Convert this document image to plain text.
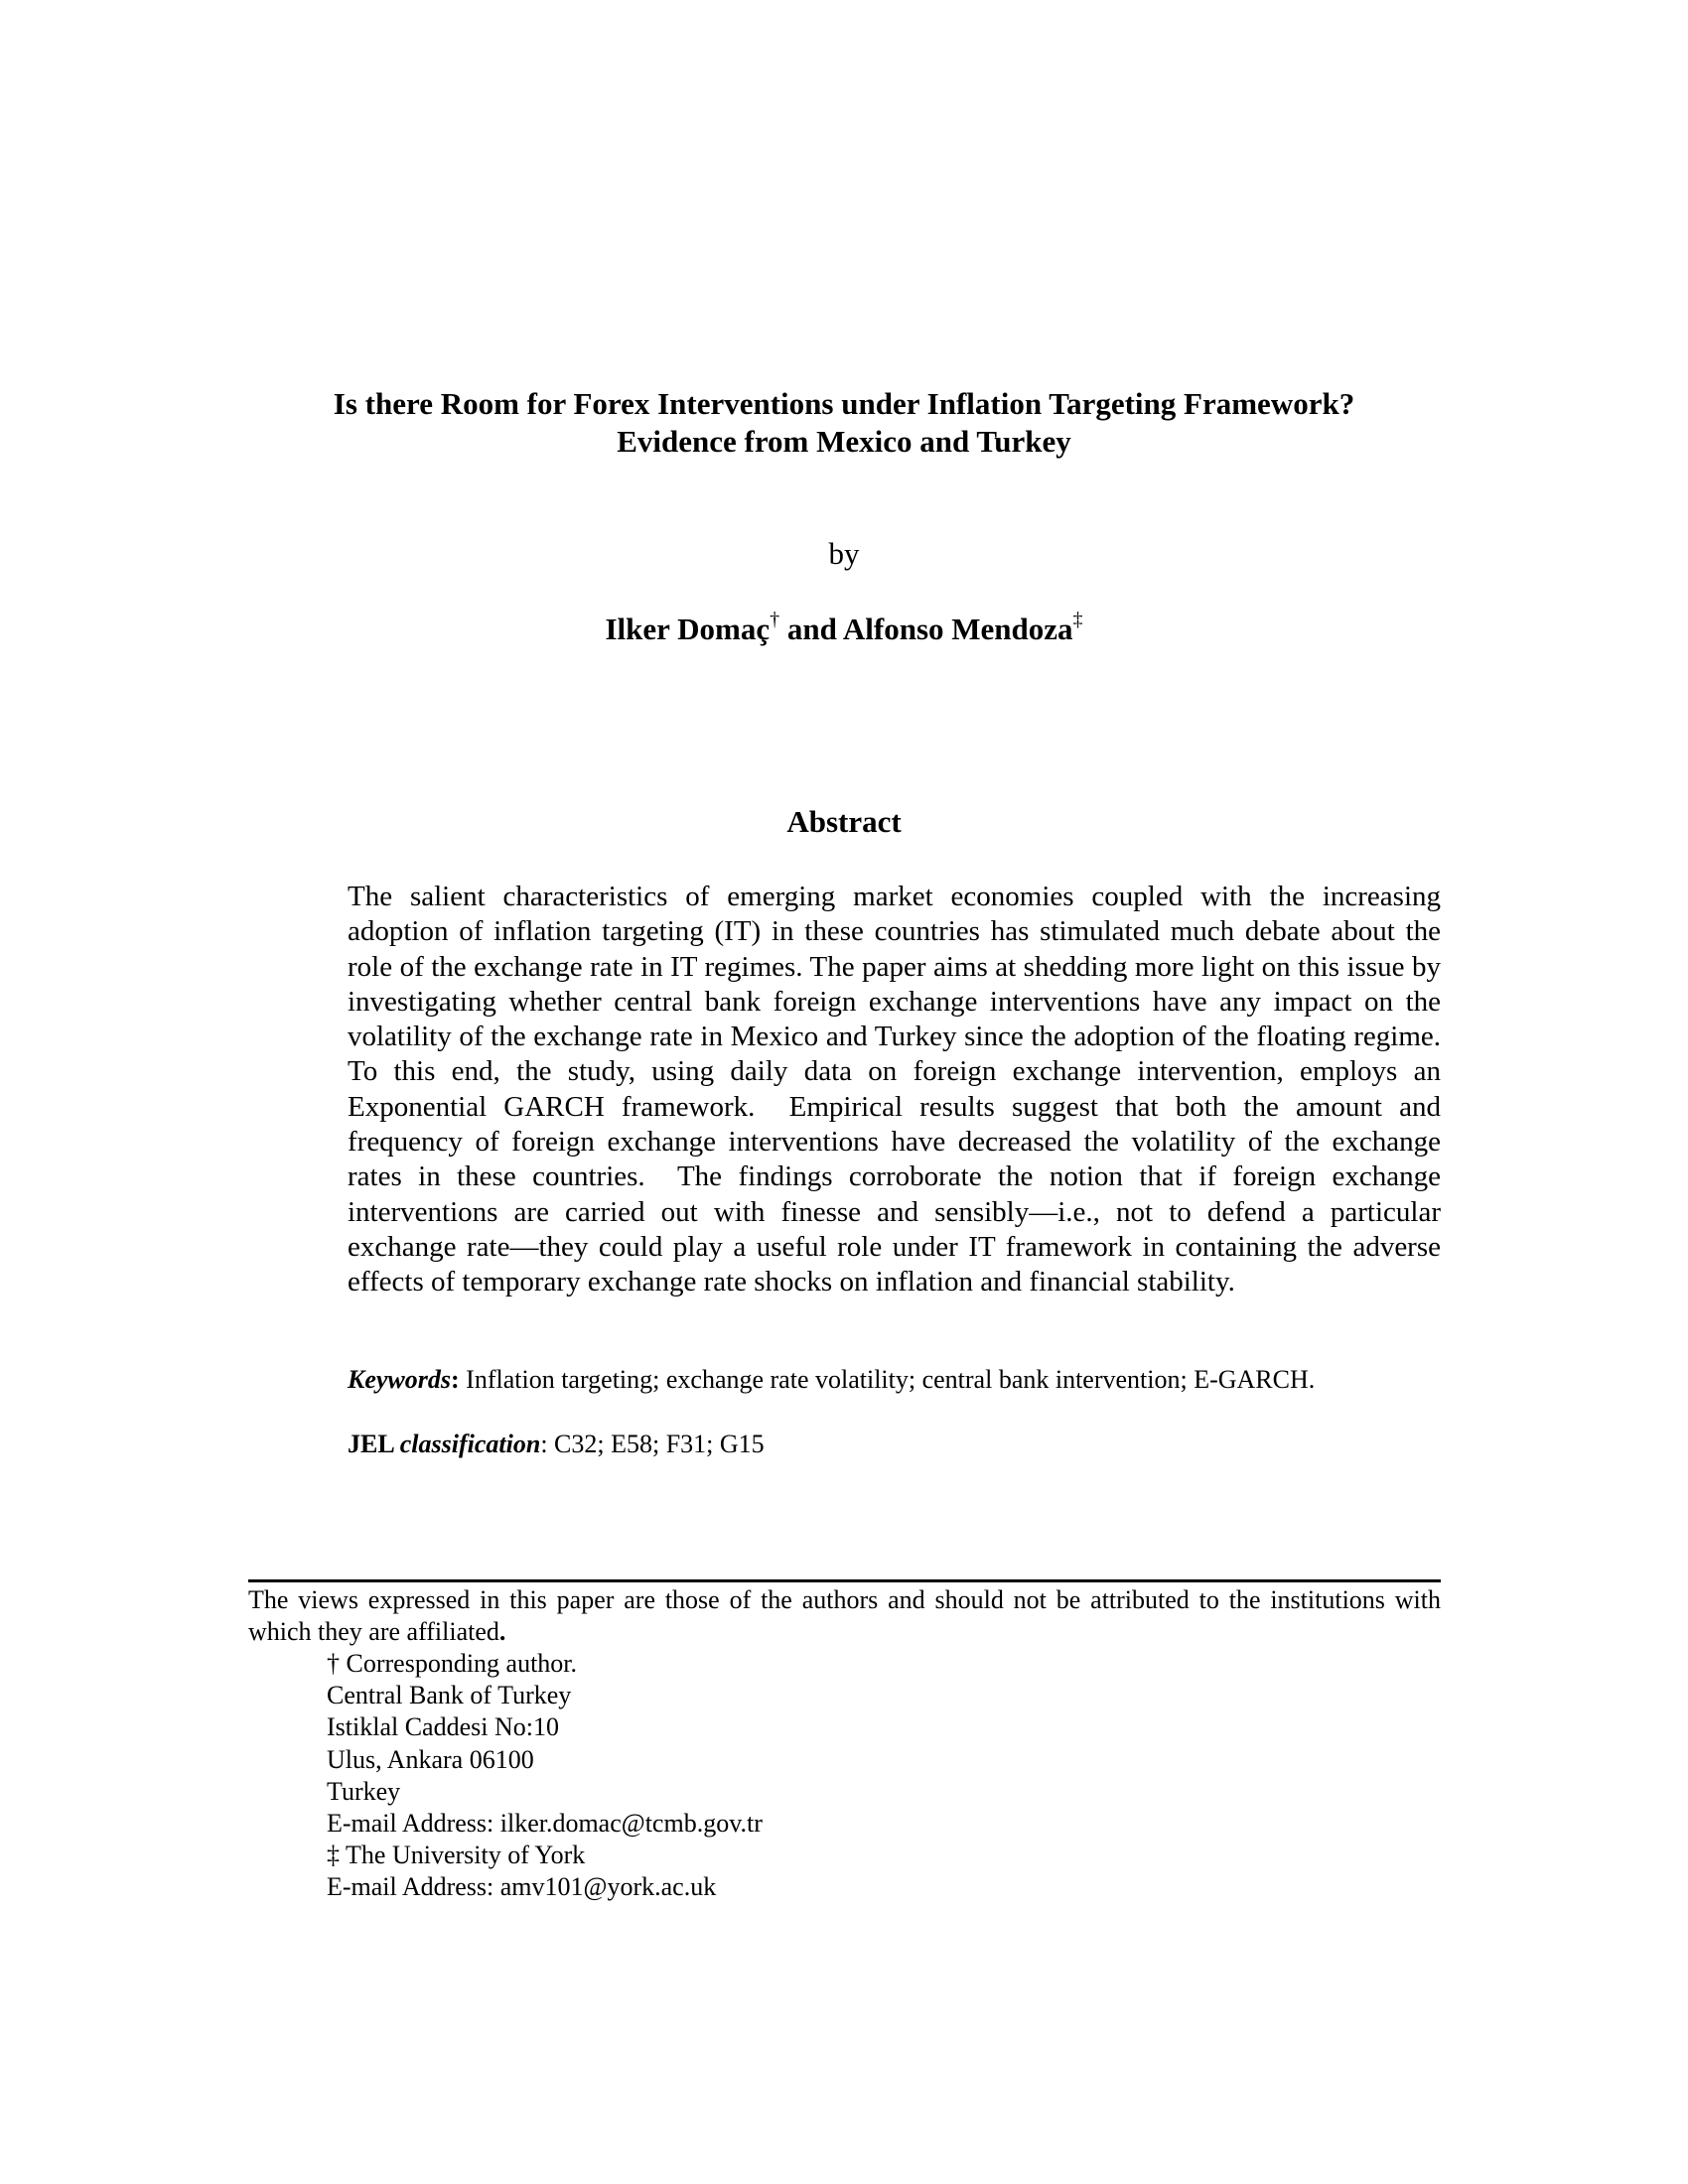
Is there Room for Forex Interventions under Inflation Targeting Framework?
Evidence from Mexico and Turkey
by
Ilker Domaç† and Alfonso Mendoza‡
Abstract
The salient characteristics of emerging market economies coupled with the increasing adoption of inflation targeting (IT) in these countries has stimulated much debate about the role of the exchange rate in IT regimes. The paper aims at shedding more light on this issue by investigating whether central bank foreign exchange interventions have any impact on the volatility of the exchange rate in Mexico and Turkey since the adoption of the floating regime.  To this end, the study, using daily data on foreign exchange intervention, employs an Exponential GARCH framework.  Empirical results suggest that both the amount and frequency of foreign exchange interventions have decreased the volatility of the exchange rates in these countries.  The findings corroborate the notion that if foreign exchange interventions are carried out with finesse and sensibly—i.e., not to defend a particular exchange rate—they could play a useful role under IT framework in containing the adverse effects of temporary exchange rate shocks on inflation and financial stability.
Keywords: Inflation targeting; exchange rate volatility; central bank intervention; E-GARCH.
JEL classification: C32; E58; F31; G15
The views expressed in this paper are those of the authors and should not be attributed to the institutions with which they are affiliated.
† Corresponding author.
Central Bank of Turkey
Istiklal Caddesi No:10
Ulus, Ankara 06100
Turkey
E-mail Address: ilker.domac@tcmb.gov.tr
‡ The University of York
E-mail Address: amv101@york.ac.uk
